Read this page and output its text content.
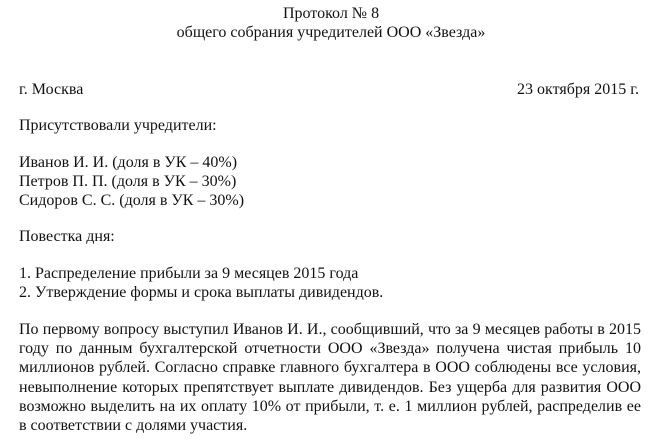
Протокол № 8
общего собрания учредителей ООО «Звезда»
г. Москва	23 октября 2015 г.
Присутствовали учредители:
Иванов И. И. (доля в УК – 40%)
Петров П. П. (доля в УК – 30%)
Сидоров С. С. (доля в УК – 30%)
Повестка дня:
1. Распределение прибыли за 9 месяцев 2015 года
2. Утверждение формы и срока выплаты дивидендов.
По первому вопросу выступил Иванов И. И., сообщивший, что за 9 месяцев работы в 2015
году по данным бухгалтерской отчетности ООО «Звезда» получена чистая прибыль 10
миллионов рублей. Согласно справке главного бухгалтера в ООО соблюдены все условия,
невыполнение которых препятствует выплате дивидендов. Без ущерба для развития ООО
возможно выделить на их оплату 10% от прибыли, т. е. 1 миллион рублей, распределив ее
в соответствии с долями участия.
